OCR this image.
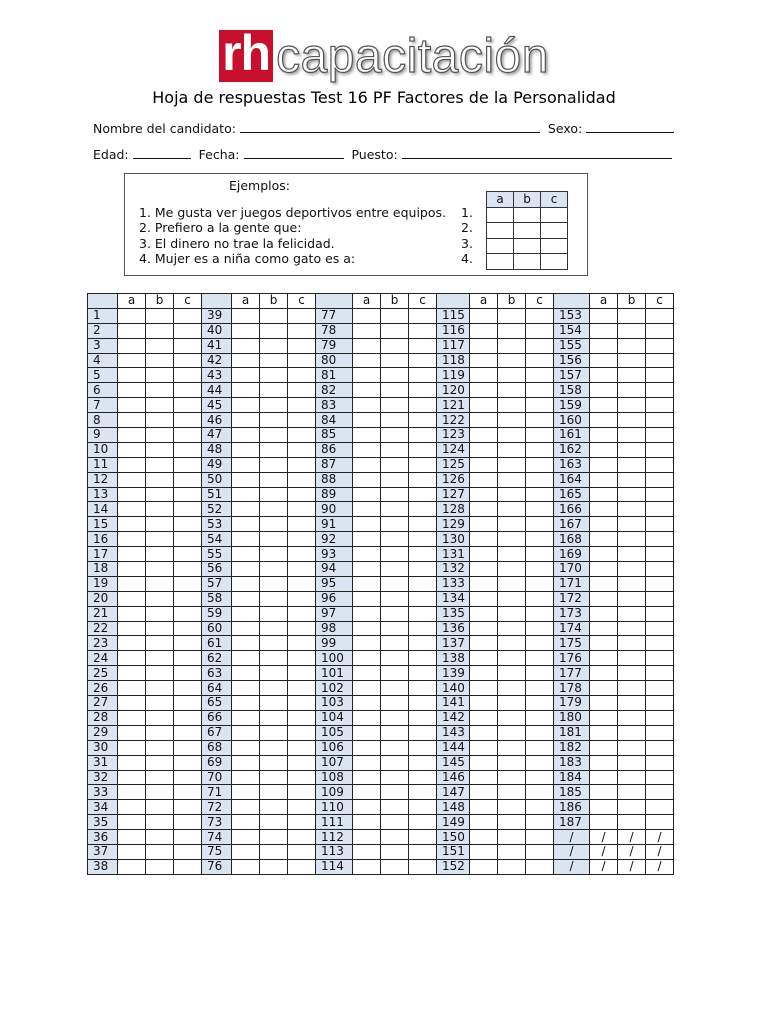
rh capacitación
Hoja de respuestas Test 16 PF Factores de la Personalidad
Nombre del candidato:	Sexo:
Edad:	Fecha:	Puesto:
Ejemplos:
1. Me gusta ver juegos deportivos entre equipos.
2. Prefiero a la gente que:
3. El dinero no trae la felicidad.
4. Mujer es a niña como gato es a:
1.
2.
3.
4.
a	b	c

	a	b	c		a	b	c		a	b	c		a	b	c		a	b	c
1				39				77				115				153			
2				40				78				116				154			
3				41				79				117				155			
4				42				80				118				156			
5				43				81				119				157			
6				44				82				120				158			
7				45				83				121				159			
8				46				84				122				160			
9				47				85				123				161			
10				48				86				124				162			
11				49				87				125				163			
12				50				88				126				164			
13				51				89				127				165			
14				52				90				128				166			
15				53				91				129				167			
16				54				92				130				168			
17				55				93				131				169			
18				56				94				132				170			
19				57				95				133				171			
20				58				96				134				172			
21				59				97				135				173			
22				60				98				136				174			
23				61				99				137				175			
24				62				100				138				176			
25				63				101				139				177			
26				64				102				140				178			
27				65				103				141				179			
28				66				104				142				180			
29				67				105				143				181			
30				68				106				144				182			
31				69				107				145				183			
32				70				108				146				184			
33				71				109				147				185			
34				72				110				148				186			
35				73				111				149				187			
36				74				112				150				/	/	/	/
37				75				113				151				/	/	/	/
38				76				114				152				/	/	/	/
